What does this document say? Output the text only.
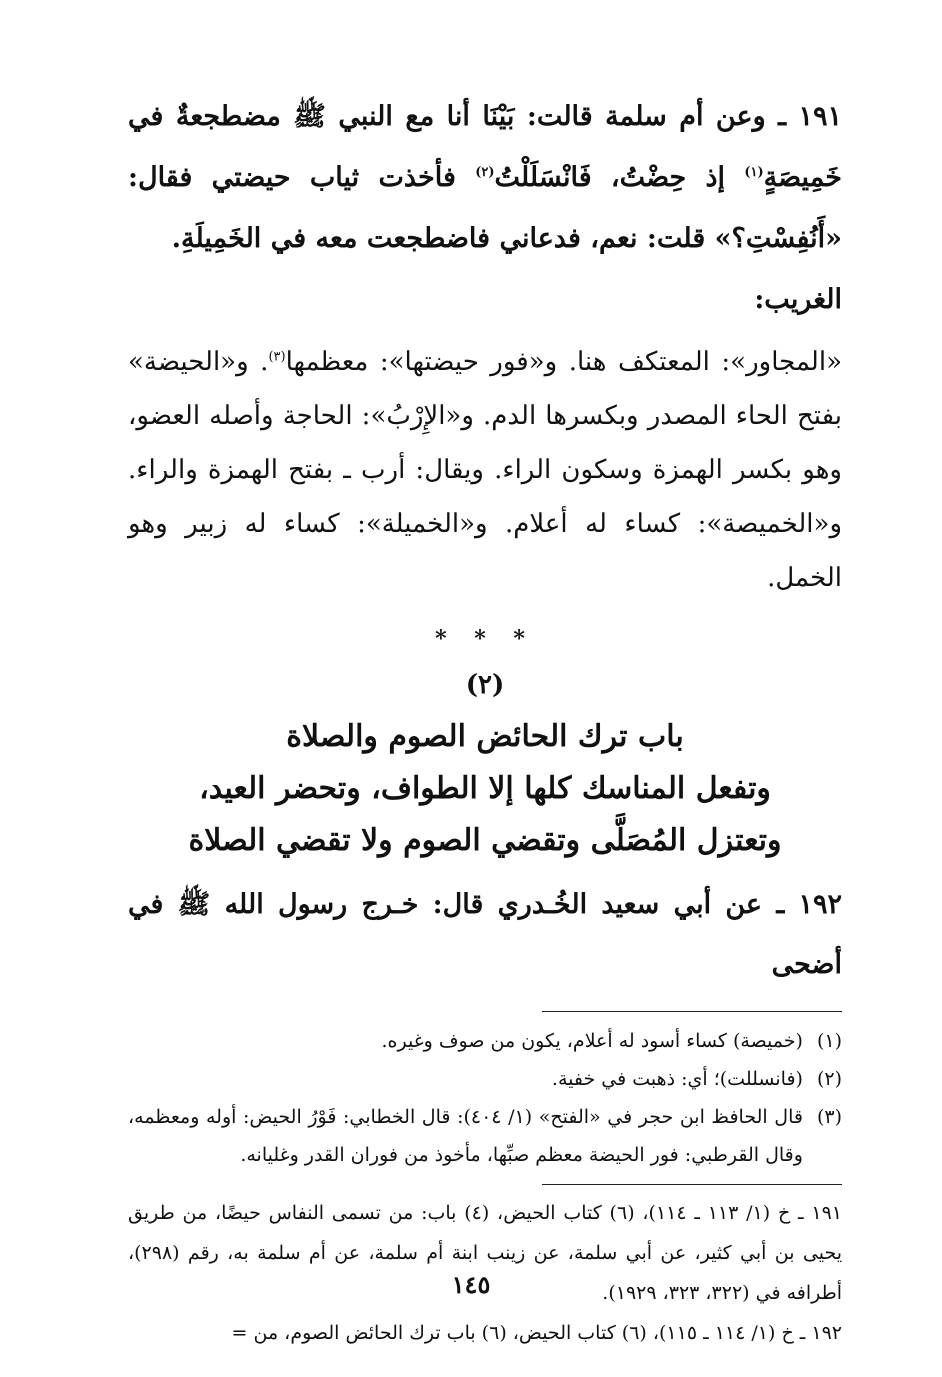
١٩١ ـ وعن أم سلمة قالت: بَيْنَا أنا مع النبي ﷺ مضطجعةٌ في خَمِيصَةٍ$^{(١)}$ إذ حِضْتُ، فَانْسَلَلْتُ$^{(٢)}$ فأخذت ثياب حيضتي فقال: «أَنُفِسْتِ؟» قلت: نعم، فدعاني فاضطجعت معه في الخَمِيلَةِ.

الغريب:

«المجاور»: المعتكف هنا. و«فور حيضتها»: معظمها$^{(٣)}$. و«الحيضة» بفتح الحاء المصدر وبكسرها الدم. و«الإِرْبُ»: الحاجة وأصله العضو، وهو بكسر الهمزة وسكون الراء. ويقال: أرب ـ بفتح الهمزة والراء. و«الخميصة»: كساء له أعلام. و«الخميلة»: كساء له زبير وهو الخمل.

* * *
(٢)
باب ترك الحائض الصوم والصلاة
وتفعل المناسك كلها إلا الطواف، وتحضر العيد،
وتعتزل المُصَلَّى وتقضي الصوم ولا تقضي الصلاة

١٩٢ ـ عن أبي سعيد الخُـدري قال: خـرج رسول الله ﷺ في أضحى

(١)
(خميصة) كساء أسود له أعلام، يكون من صوف وغيره.

(٢)
(فانسللت)؛ أي: ذهبت في خفية.

(٣)
قال الحافظ ابن حجر في «الفتح» (١/ ٤٠٤): قال الخطابي: فَوْرُ الحيض: أوله ومعظمه، وقال القرطبي: فور الحيضة معظم صبِّها، مأخوذ من فوران القدر وغليانه.

١٩١ ـ خ (١/ ١١٣ ـ ١١٤)، (٦) كتاب الحيض، (٤) باب: من تسمى النفاس حيضًا، من طريق يحيى بن أبي كثير، عن أبي سلمة، عن زينب ابنة أم سلمة، عن أم سلمة به، رقم (٢٩٨)، أطرافه في (٣٢٢، ٣٢٣، ١٩٢٩).

١٩٢ ـ خ (١/ ١١٤ ـ ١١٥)، (٦) كتاب الحيض، (٦) باب ترك الحائض الصوم، من =

١٤٥
